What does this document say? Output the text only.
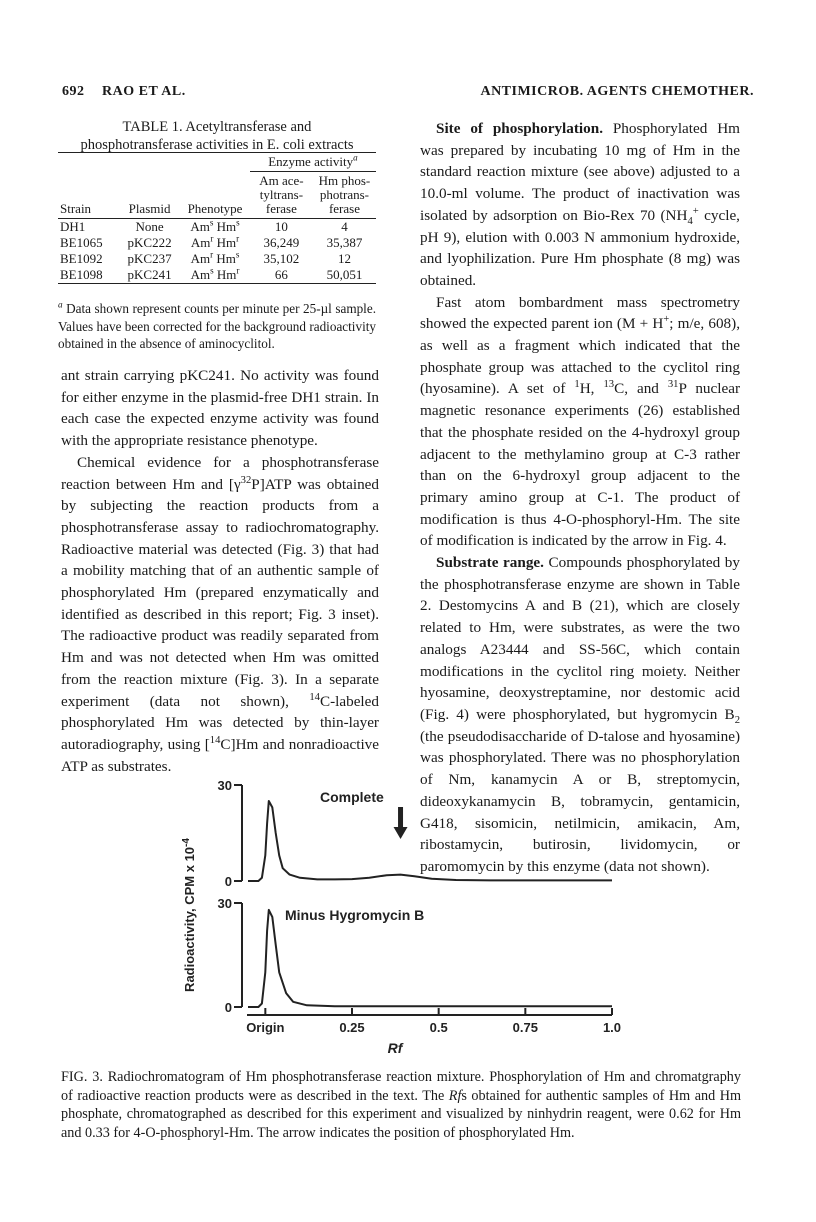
692 RAO ET AL.	ANTIMICROB. AGENTS CHEMOTHER.
TABLE 1. Acetyltransferase and
phosphotransferase activities in E. coli extracts
			Enzyme activity$^a$
Strain	Plasmid	Phenotype	Am ace-tyltrans-ferase	Hm phos-photrans-ferase
DH1	None	Am$^s$ Hm$^s$	10	4
BE1065	pKC222	Am$^r$ Hm$^r$	36,249	35,387
BE1092	pKC237	Am$^r$ Hm$^s$	35,102	12
BE1098	pKC241	Am$^s$ Hm$^r$	66	50,051
$^a$ Data shown represent counts per minute per 25-µl sample. Values have been corrected for the background radioactivity obtained in the absence of aminocyclitol.

ant strain carrying pKC241. No activity was found for either enzyme in the plasmid-free DH1 strain. In each case the expected enzyme activity was found with the appropriate resistance phenotype.

Chemical evidence for a phosphotransferase reaction between Hm and $[\gamma^{32}P]ATP$ was obtained by subjecting the reaction products from a phosphotransferase assay to radiochromatography. Radioactive material was detected (Fig. 3) that had a mobility matching that of an authentic sample of phosphorylated Hm (prepared enzymatically and identified as described in this report; Fig. 3 inset). The radioactive product was readily separated from Hm and was not detected when Hm was omitted from the reaction mixture (Fig. 3). In a separate experiment (data not shown), $^{14}$C-labeled phosphorylated Hm was detected by thin-layer autoradiography, using [$^{14}$C]Hm and nonradioactive ATP as substrates.

Site of phosphorylation. Phosphorylated Hm was prepared by incubating 10 mg of Hm in the standard reaction mixture (see above) adjusted to a 10.0-ml volume. The product of inactivation was isolated by adsorption on Bio-Rex 70 ($NH_4^+$ cycle, pH 9), elution with 0.003 N ammonium hydroxide, and lyophilization. Pure Hm phosphate (8 mg) was obtained.

Fast atom bombardment mass spectrometry showed the expected parent ion (M + H+; m/e, 608), as well as a fragment which indicated that the phosphate group was attached to the cyclitol ring (hyosamine). A set of $^1$H, $^{13}$C, and $^{31}$P nuclear magnetic resonance experiments (26) established that the phosphate resided on the 4-hydroxyl group adjacent to the methylamino group at C-3 rather than on the 6-hydroxyl group adjacent to the primary amino group at C-1. The product of modification is thus 4-O-phosphoryl-Hm. The site of modification is indicated by the arrow in Fig. 4.

Substrate range. Compounds phosphorylated by the phosphotransferase enzyme are shown in Table 2. Destomycins A and B (21), which are closely related to Hm, were substrates, as were the two analogs A23444 and SS-56C, which contain modifications in the cyclitol ring moiety. Neither hyosamine, deoxystreptamine, nor destomic acid (Fig. 4) were phosphorylated, but hygromycin $B_2$ (the pseudodisaccharide of D-talose and hyosamine) was phosphorylated. There was no phosphorylation of Nm, kanamycin A or B, streptomycin, dideoxykanamycin B, tobramycin, gentamicin, G418, sisomicin, netilmicin, amikacin, Am, ribostamycin, butirosin, lividomycin, or paromomycin by this enzyme (data not shown).

30
0
Complete
30
0
Minus Hygromycin B
Origin	0.25	0.5	0.75	1.0
Radioactivity, CPM x $10^{-4}$
Rf
FIG. 3. Radiochromatogram of Hm phosphotransferase reaction mixture. Phosphorylation of Hm and chromatgraphy of radioactive reaction products were as described in the text. The Rfs obtained for authentic samples of Hm and Hm phosphate, chromatographed as described for this experiment and visualized by ninhydrin reagent, were 0.62 for Hm and 0.33 for 4-O-phosphoryl-Hm. The arrow indicates the position of phosphorylated Hm.
